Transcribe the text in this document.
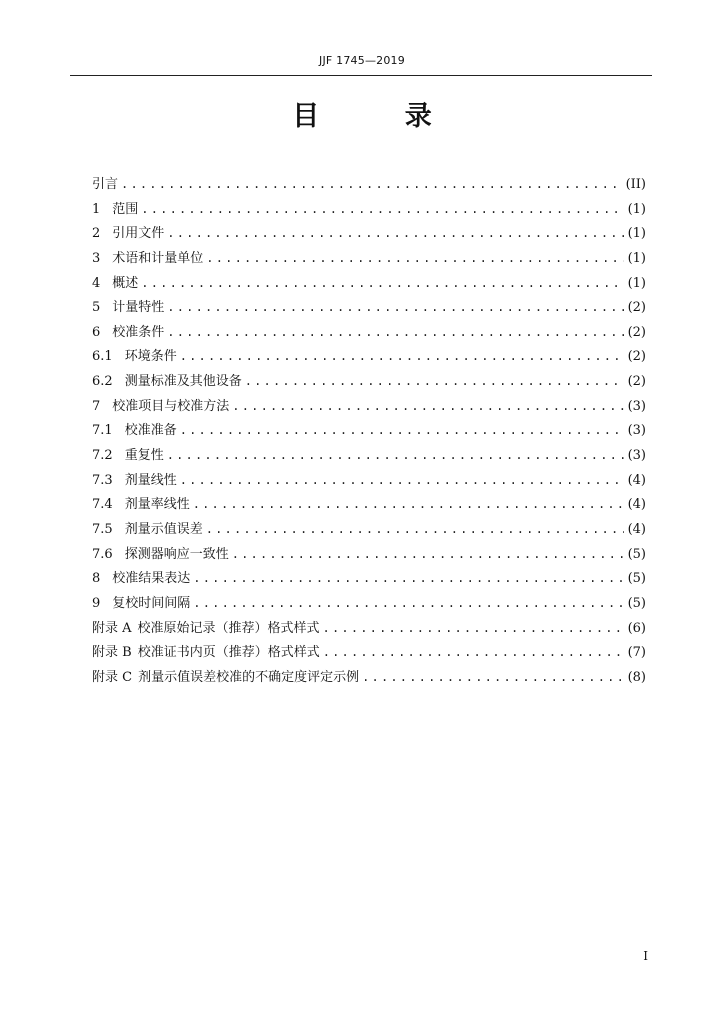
JJF 1745—2019
目 录
引言 .....	(II)
1 范围 .....	(1)
2 引用文件 .....	(1)
3 术语和计量单位 .....	(1)
4 概述 .....	(1)
5 计量特性 .....	(2)
6 校准条件 .....	(2)
6.1 环境条件 .....	(2)
6.2 测量标准及其他设备 .....	(2)
7 校准项目与校准方法 .....	(3)
7.1 校准准备 .....	(3)
7.2 重复性 .....	(3)
7.3 剂量线性 .....	(4)
7.4 剂量率线性 .....	(4)
7.5 剂量示值误差 .....	(4)
7.6 探测器响应一致性 .....	(5)
8 校准结果表达 .....	(5)
9 复校时间间隔 .....	(5)
附录 A 校准原始记录（推荐）格式样式 .....	(6)
附录 B 校准证书内页（推荐）格式样式 .....	(7)
附录 C 剂量示值误差校准的不确定度评定示例 .....	(8)
I
